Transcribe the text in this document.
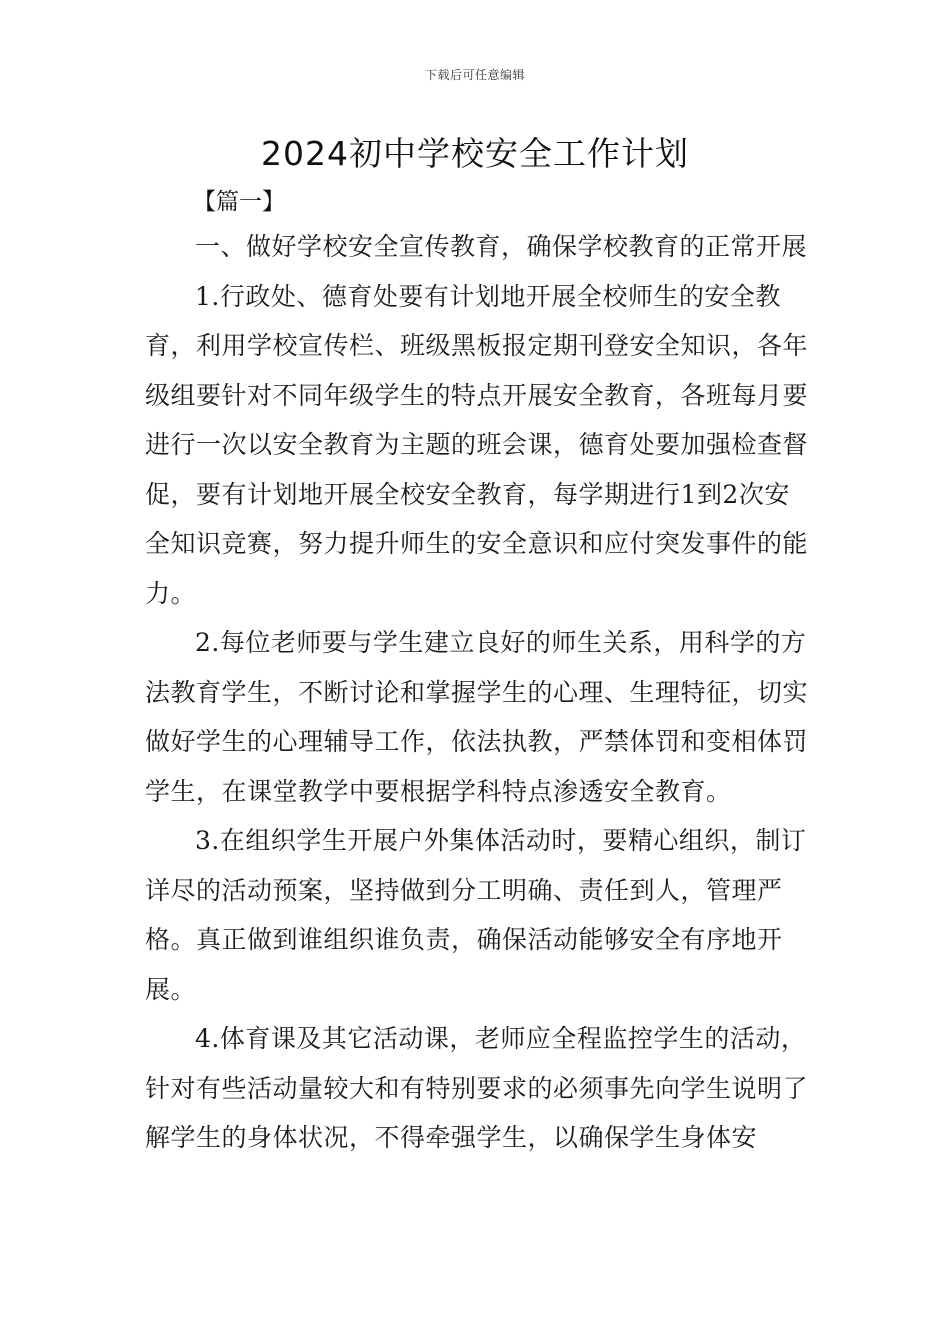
下载后可任意编辑
2024初中学校安全工作计划
【篇一】

一、做好学校安全宣传教育，确保学校教育的正常开展

1.行政处、德育处要有计划地开展全校师生的安全教育，利用学校宣传栏、班级黑板报定期刊登安全知识，各年级组要针对不同年级学生的特点开展安全教育，各班每月要进行一次以安全教育为主题的班会课，德育处要加强检查督促，要有计划地开展全校安全教育，每学期进行1到2次安全知识竞赛，努力提升师生的安全意识和应付突发事件的能力。

2.每位老师要与学生建立良好的师生关系，用科学的方法教育学生，不断讨论和掌握学生的心理、生理特征，切实做好学生的心理辅导工作，依法执教，严禁体罚和变相体罚学生，在课堂教学中要根据学科特点渗透安全教育。

3.在组织学生开展户外集体活动时，要精心组织，制订详尽的活动预案，坚持做到分工明确、责任到人，管理严格。真正做到谁组织谁负责，确保活动能够安全有序地开展。

4.体育课及其它活动课，老师应全程监控学生的活动，针对有些活动量较大和有特别要求的必须事先向学生说明了解学生的身体状况，不得牵强学生，以确保学生身体安
